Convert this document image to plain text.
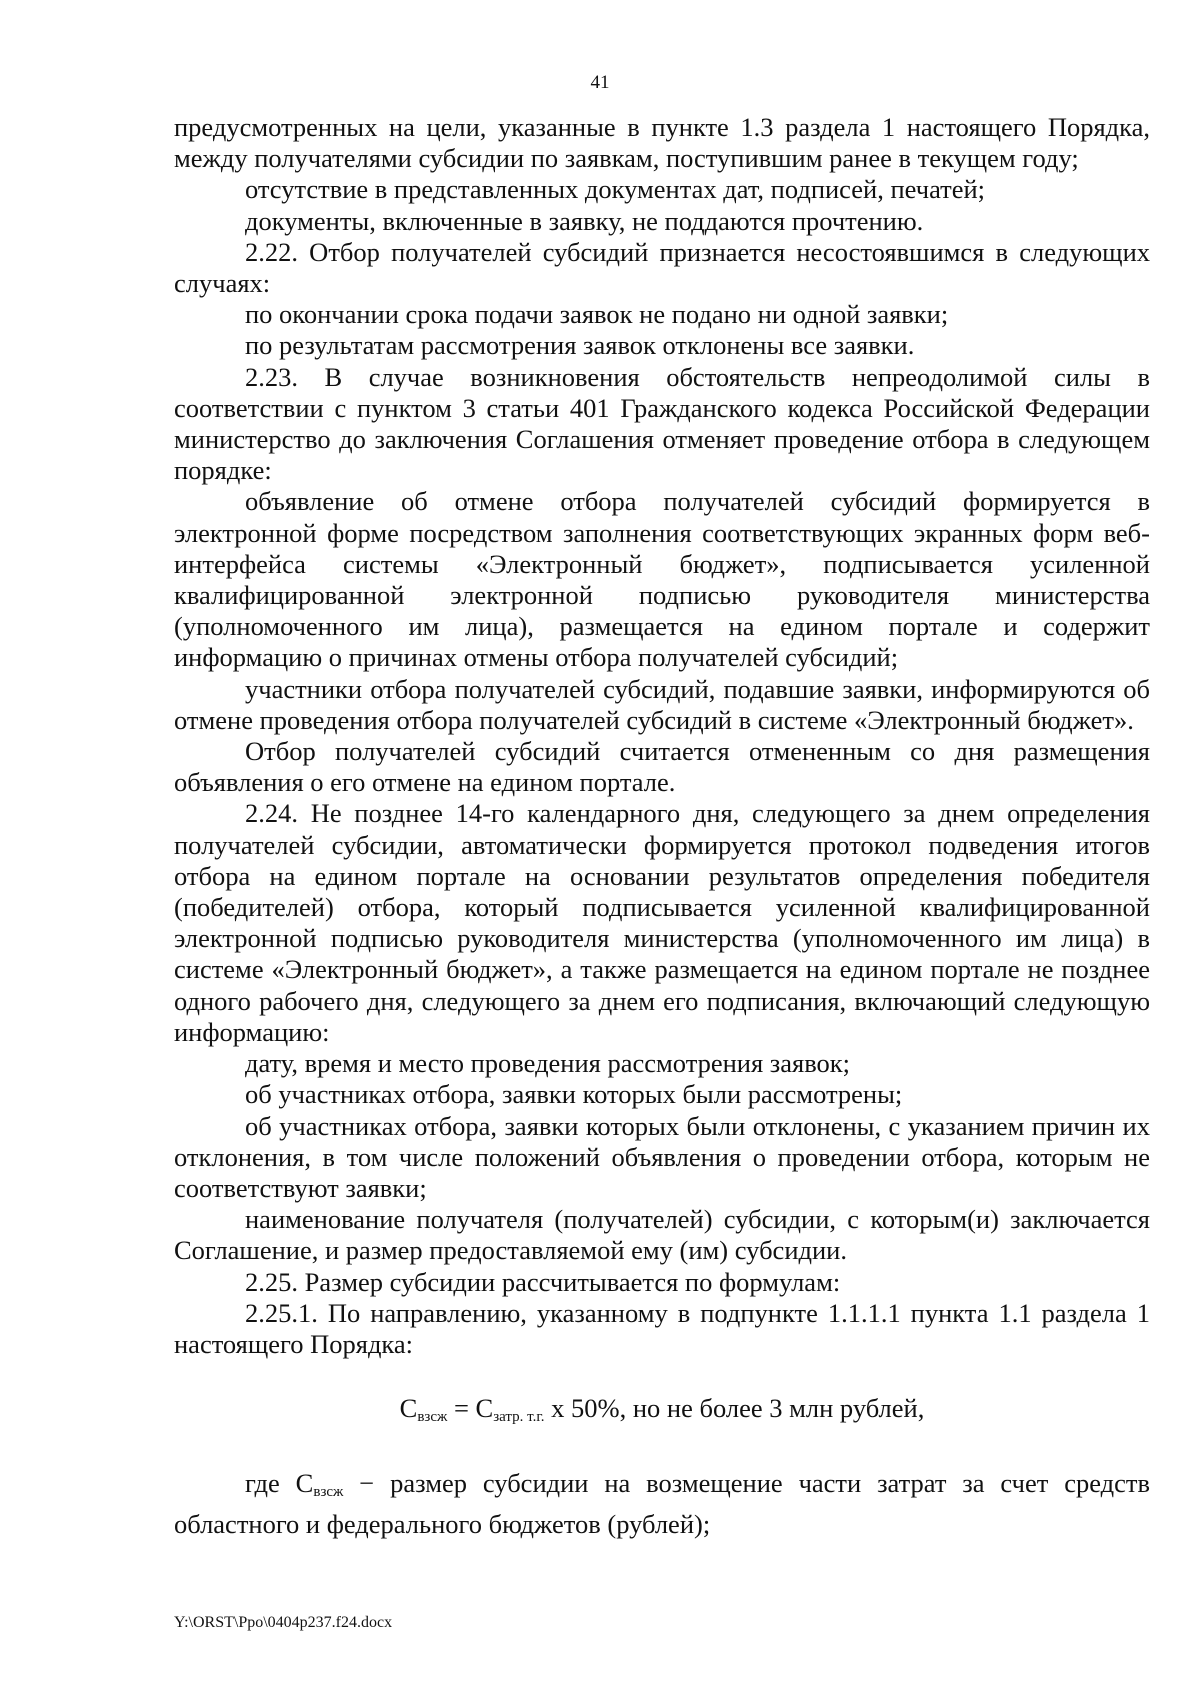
41

предусмотренных на цели, указанные в пункте 1.3 раздела 1 настоящего Порядка, между получателями субсидии по заявкам, поступившим ранее в текущем году;

отсутствие в представленных документах дат, подписей, печатей;

документы, включенные в заявку, не поддаются прочтению.

2.22. Отбор получателей субсидий признается несостоявшимся в следующих случаях:

по окончании срока подачи заявок не подано ни одной заявки;

по результатам рассмотрения заявок отклонены все заявки.

2.23. В случае возникновения обстоятельств непреодолимой силы в соответствии с пунктом 3 статьи 401 Гражданского кодекса Российской Федерации министерство до заключения Соглашения отменяет проведение отбора в следующем порядке:

объявление об отмене отбора получателей субсидий формируется в электронной форме посредством заполнения соответствующих экранных форм веб-интерфейса системы «Электронный бюджет», подписывается усиленной квалифицированной электронной подписью руководителя министерства (уполномоченного им лица), размещается на едином портале и содержит информацию о причинах отмены отбора получателей субсидий;

участники отбора получателей субсидий, подавшие заявки, информируются об отмене проведения отбора получателей субсидий в системе «Электронный бюджет».

Отбор получателей субсидий считается отмененным со дня размещения объявления о его отмене на едином портале.

2.24. Не позднее 14-го календарного дня, следующего за днем определения получателей субсидии, автоматически формируется протокол подведения итогов отбора на едином портале на основании результатов определения победителя (победителей) отбора, который подписывается усиленной квалифицированной электронной подписью руководителя министерства (уполномоченного им лица) в системе «Электронный бюджет», а также размещается на едином портале не позднее одного рабочего дня, следующего за днем его подписания, включающий следующую информацию:

дату, время и место проведения рассмотрения заявок;

об участниках отбора, заявки которых были рассмотрены;

об участниках отбора, заявки которых были отклонены, с указанием причин их отклонения, в том числе положений объявления о проведении отбора, которым не соответствуют заявки;

наименование получателя (получателей) субсидии, с которым(и) заключается Соглашение, и размер предоставляемой ему (им) субсидии.

2.25. Размер субсидии рассчитывается по формулам:

2.25.1. По направлению, указанному в подпункте 1.1.1.1 пункта 1.1 раздела 1 настоящего Порядка:

$С_{взсж} = С_{затр. т.г.}$ х 50%, но не более 3 млн рублей,

где $С_{взсж}$ − размер субсидии на возмещение части затрат за счет средств областного и федерального бюджетов (рублей);

Y:\ORST\Ppo\0404p237.f24.docx
